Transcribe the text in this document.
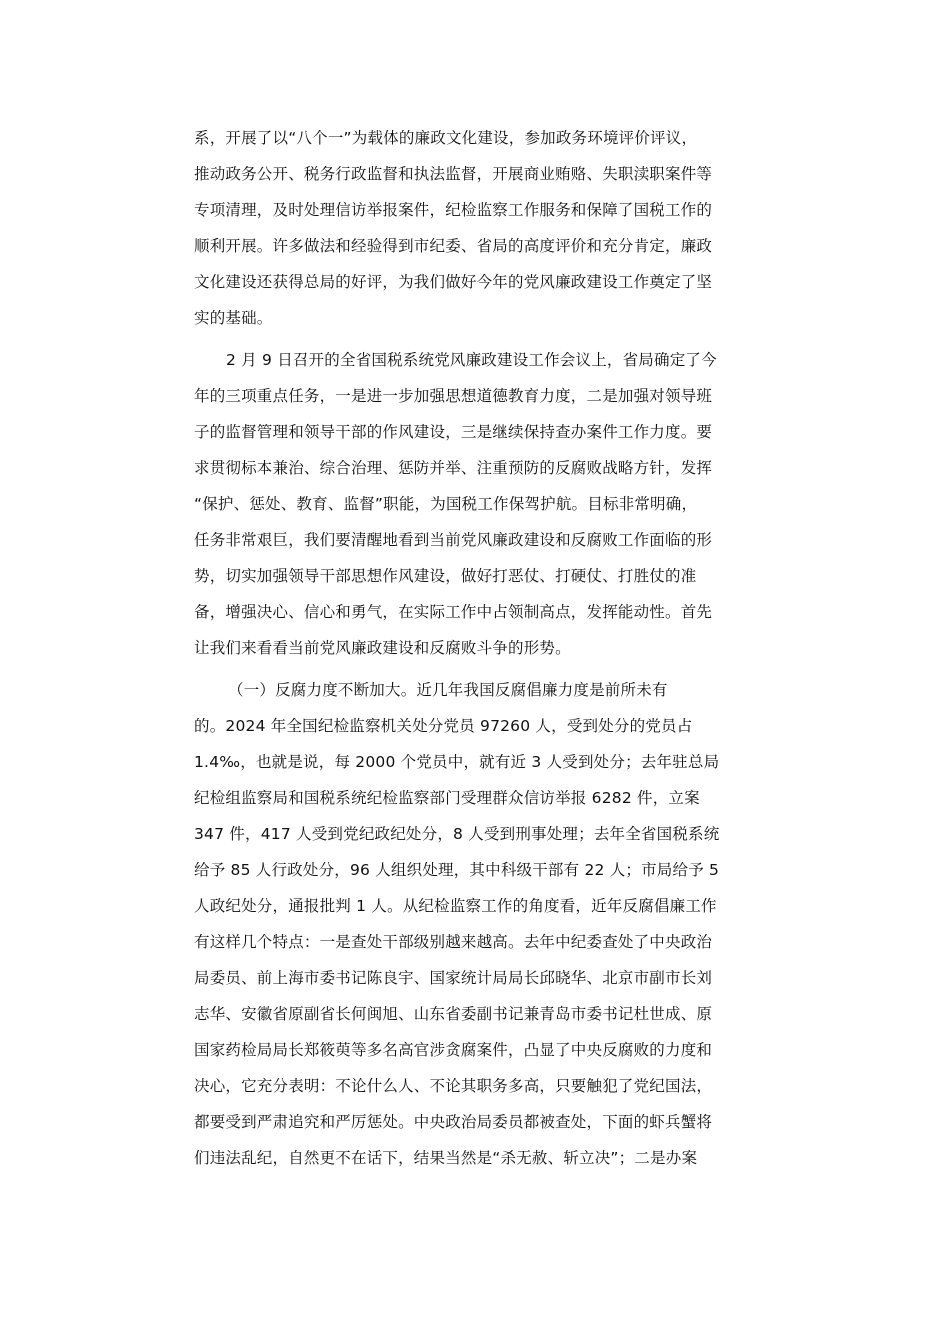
系，开展了以“八个一”为载体的廉政文化建设，参加政务环境评价评议，
推动政务公开、税务行政监督和执法监督，开展商业贿赂、失职渎职案件等
专项清理，及时处理信访举报案件，纪检监察工作服务和保障了国税工作的
顺利开展。许多做法和经验得到市纪委、省局的高度评价和充分肯定，廉政
文化建设还获得总局的好评，为我们做好今年的党风廉政建设工作奠定了坚
实的基础。
2 月 9 日召开的全省国税系统党风廉政建设工作会议上，省局确定了今
年的三项重点任务，一是进一步加强思想道德教育力度，二是加强对领导班
子的监督管理和领导干部的作风建设，三是继续保持查办案件工作力度。要
求贯彻标本兼治、综合治理、惩防并举、注重预防的反腐败战略方针，发挥
“保护、惩处、教育、监督”职能，为国税工作保驾护航。目标非常明确，
任务非常艰巨，我们要清醒地看到当前党风廉政建设和反腐败工作面临的形
势，切实加强领导干部思想作风建设，做好打恶仗、打硬仗、打胜仗的准
备，增强决心、信心和勇气，在实际工作中占领制高点，发挥能动性。首先
让我们来看看当前党风廉政建设和反腐败斗争的形势。
（一）反腐力度不断加大。近几年我国反腐倡廉力度是前所未有
的。2024 年全国纪检监察机关处分党员 97260 人，受到处分的党员占
1.4‰，也就是说，每 2000 个党员中，就有近 3 人受到处分；去年驻总局
纪检组监察局和国税系统纪检监察部门受理群众信访举报 6282 件，立案
347 件，417 人受到党纪政纪处分，8 人受到刑事处理；去年全省国税系统
给予 85 人行政处分，96 人组织处理，其中科级干部有 22 人；市局给予 5
人政纪处分，通报批判 1 人。从纪检监察工作的角度看，近年反腐倡廉工作
有这样几个特点：一是查处干部级别越来越高。去年中纪委查处了中央政治
局委员、前上海市委书记陈良宇、国家统计局局长邱晓华、北京市副市长刘
志华、安徽省原副省长何闽旭、山东省委副书记兼青岛市委书记杜世成、原
国家药检局局长郑筱萸等多名高官涉贪腐案件，凸显了中央反腐败的力度和
决心，它充分表明：不论什么人、不论其职务多高，只要触犯了党纪国法，
都要受到严肃追究和严厉惩处。中央政治局委员都被查处，下面的虾兵蟹将
们违法乱纪，自然更不在话下，结果当然是“杀无赦、斩立决”；二是办案
